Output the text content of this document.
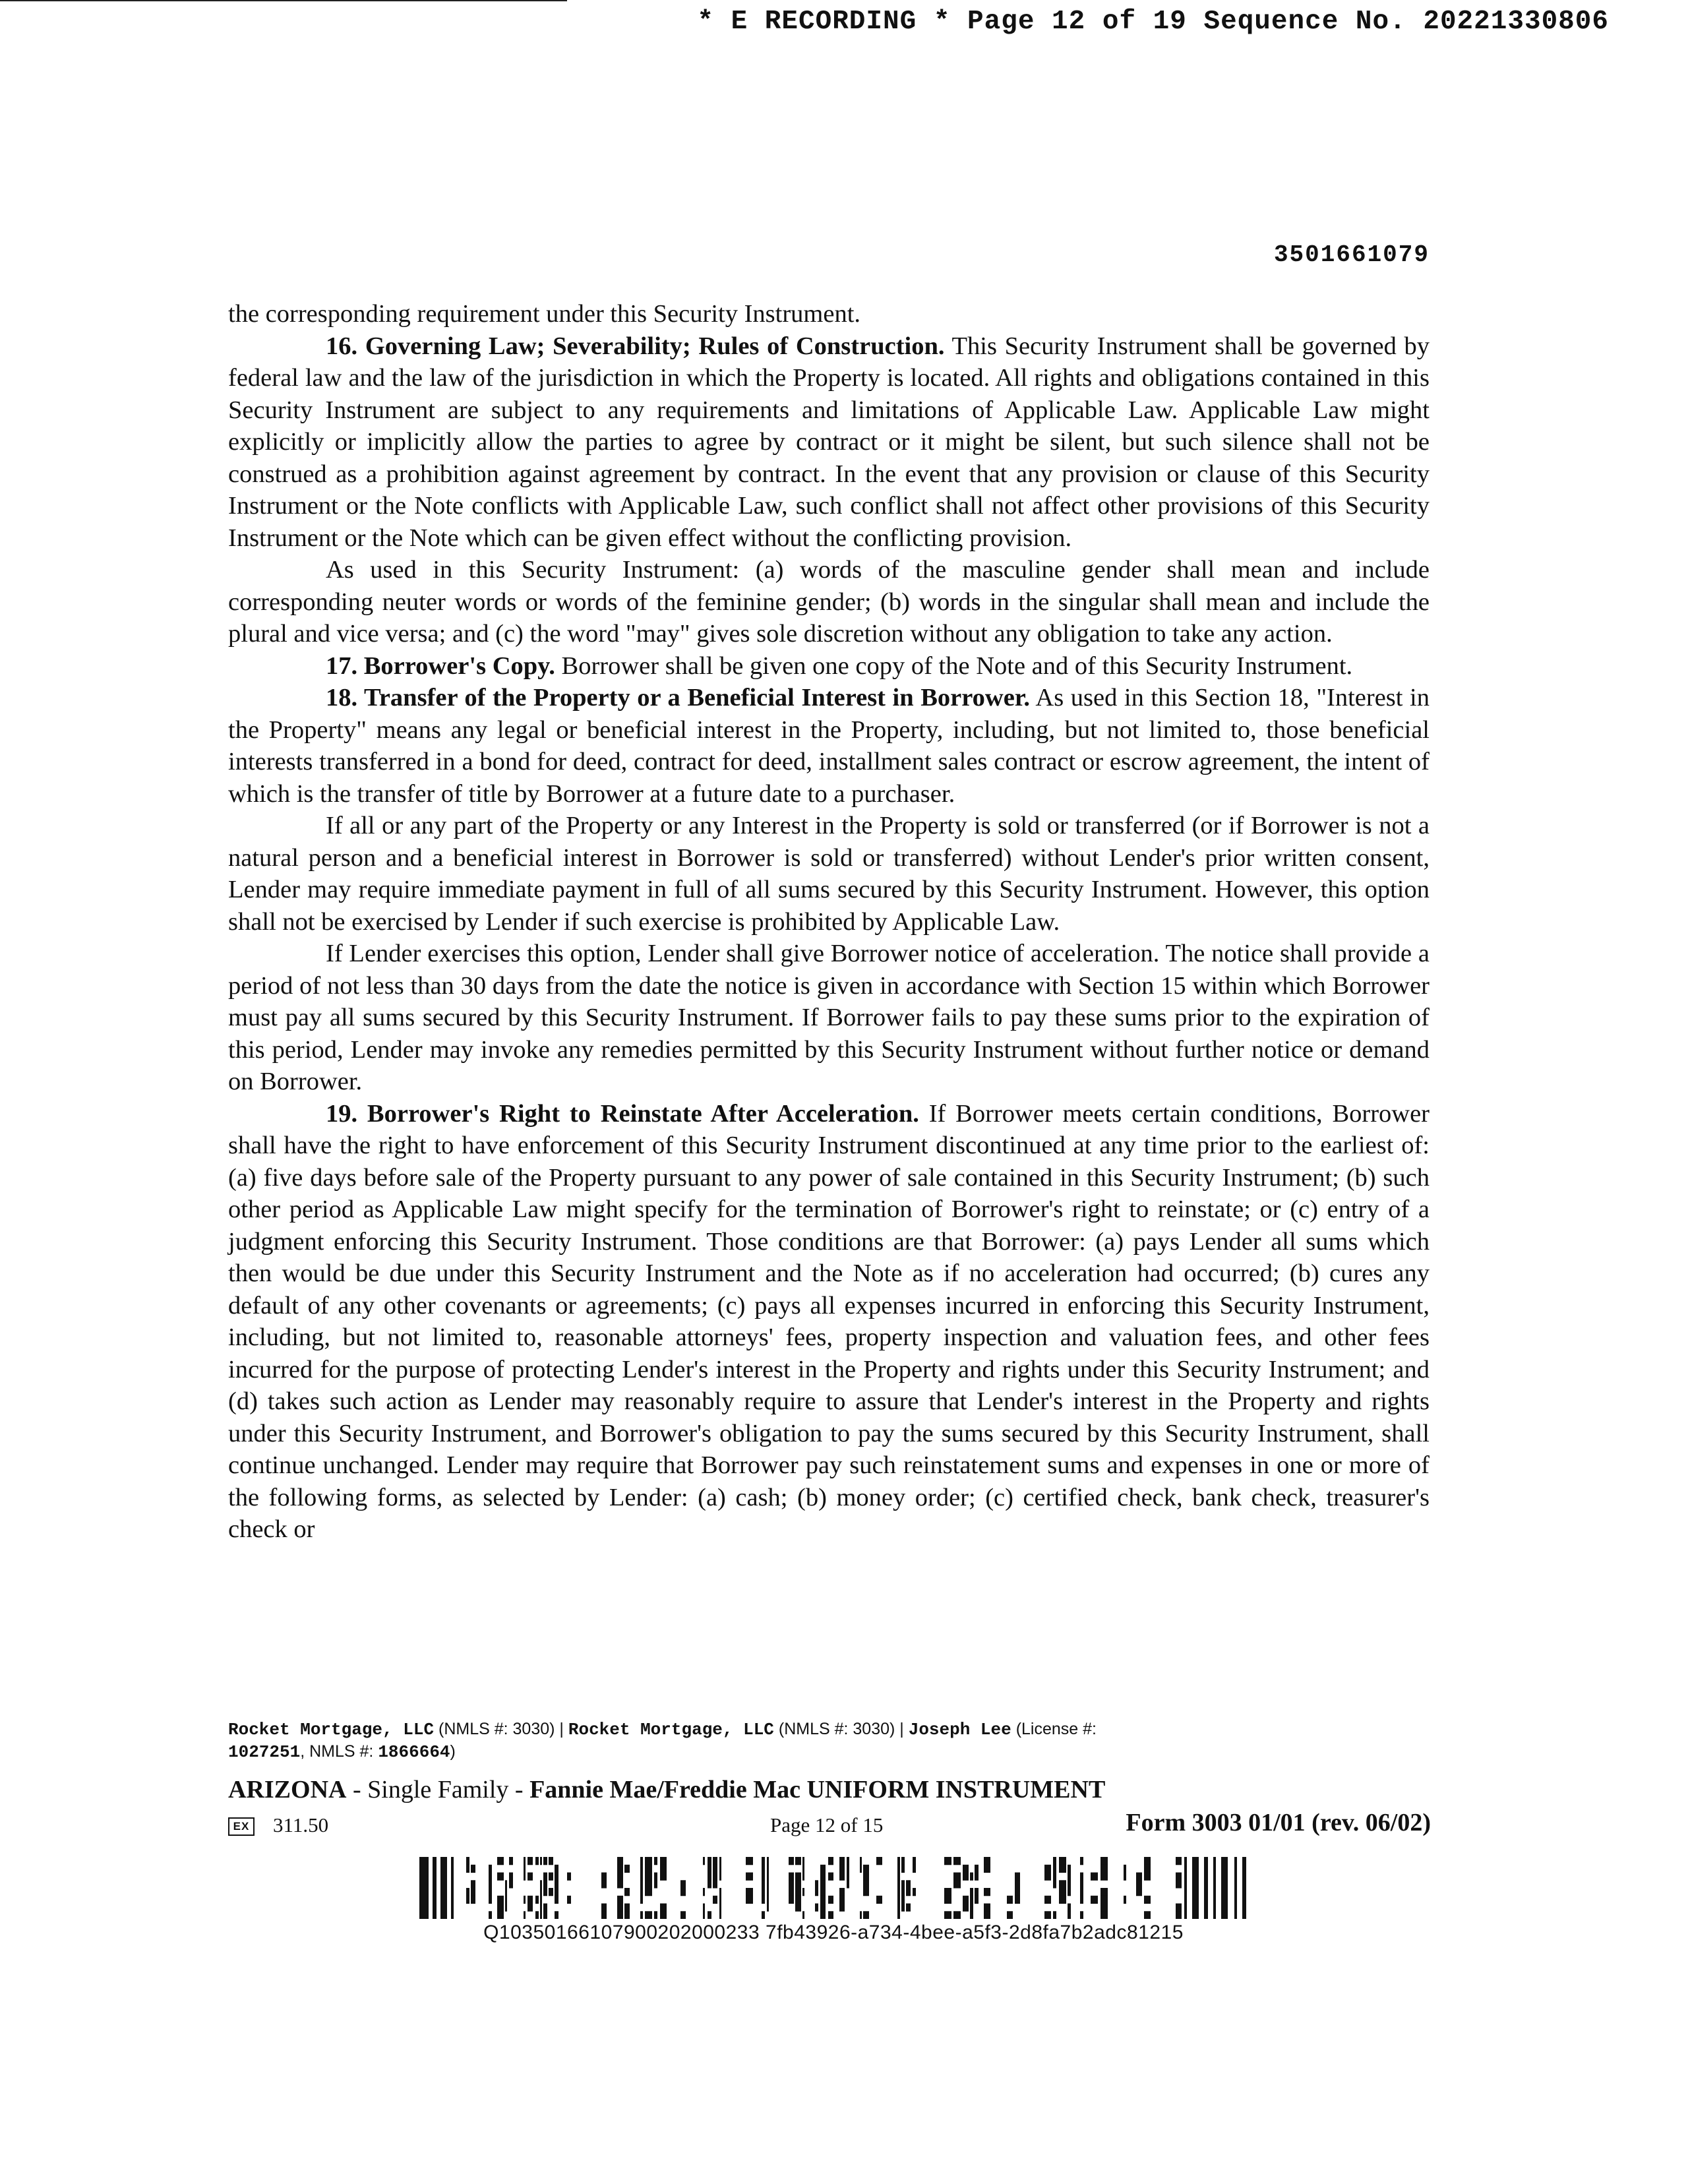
* E RECORDING * Page 12 of 19 Sequence No. 20221330806
3501661079

the corresponding requirement under this Security Instrument.

16. Governing Law; Severability; Rules of Construction. This Security Instrument shall be governed by federal law and the law of the jurisdiction in which the Property is located. All rights and obligations contained in this Security Instrument are subject to any requirements and limitations of Applicable Law. Applicable Law might explicitly or implicitly allow the parties to agree by contract or it might be silent, but such silence shall not be construed as a prohibition against agreement by contract. In the event that any provision or clause of this Security Instrument or the Note conflicts with Applicable Law, such conflict shall not affect other provisions of this Security Instrument or the Note which can be given effect without the conflicting provision.

As used in this Security Instrument: (a) words of the masculine gender shall mean and include corresponding neuter words or words of the feminine gender; (b) words in the singular shall mean and include the plural and vice versa; and (c) the word "may" gives sole discretion without any obligation to take any action.

17. Borrower's Copy. Borrower shall be given one copy of the Note and of this Security Instrument.

18. Transfer of the Property or a Beneficial Interest in Borrower. As used in this Section 18, "Interest in the Property" means any legal or beneficial interest in the Property, including, but not limited to, those beneficial interests transferred in a bond for deed, contract for deed, installment sales contract or escrow agreement, the intent of which is the transfer of title by Borrower at a future date to a purchaser.

If all or any part of the Property or any Interest in the Property is sold or transferred (or if Borrower is not a natural person and a beneficial interest in Borrower is sold or transferred) without Lender's prior written consent, Lender may require immediate payment in full of all sums secured by this Security Instrument. However, this option shall not be exercised by Lender if such exercise is prohibited by Applicable Law.

If Lender exercises this option, Lender shall give Borrower notice of acceleration. The notice shall provide a period of not less than 30 days from the date the notice is given in accordance with Section 15 within which Borrower must pay all sums secured by this Security Instrument. If Borrower fails to pay these sums prior to the expiration of this period, Lender may invoke any remedies permitted by this Security Instrument without further notice or demand on Borrower.

19. Borrower's Right to Reinstate After Acceleration. If Borrower meets certain conditions, Borrower shall have the right to have enforcement of this Security Instrument discontinued at any time prior to the earliest of: (a) five days before sale of the Property pursuant to any power of sale contained in this Security Instrument; (b) such other period as Applicable Law might specify for the termination of Borrower's right to reinstate; or (c) entry of a judgment enforcing this Security Instrument. Those conditions are that Borrower: (a) pays Lender all sums which then would be due under this Security Instrument and the Note as if no acceleration had occurred; (b) cures any default of any other covenants or agreements; (c) pays all expenses incurred in enforcing this Security Instrument, including, but not limited to, reasonable attorneys' fees, property inspection and valuation fees, and other fees incurred for the purpose of protecting Lender's interest in the Property and rights under this Security Instrument; and (d) takes such action as Lender may reasonably require to assure that Lender's interest in the Property and rights under this Security Instrument, and Borrower's obligation to pay the sums secured by this Security Instrument, shall continue unchanged. Lender may require that Borrower pay such reinstatement sums and expenses in one or more of the following forms, as selected by Lender: (a) cash; (b) money order; (c) certified check, bank check, treasurer's check or

Rocket Mortgage, LLC (NMLS #: 3030) | Rocket Mortgage, LLC (NMLS #: 3030) | Joseph Lee (License #:
1027251, NMLS #: 1866664)
ARIZONA - Single Family - Fannie Mae/Freddie Mac UNIFORM INSTRUMENT
EX 311.50	Page 12 of 15	Form 3003 01/01 (rev. 06/02)
Q10350166107900202000233 7fb43926-a734-4bee-a5f3-2d8fa7b2adc81215
